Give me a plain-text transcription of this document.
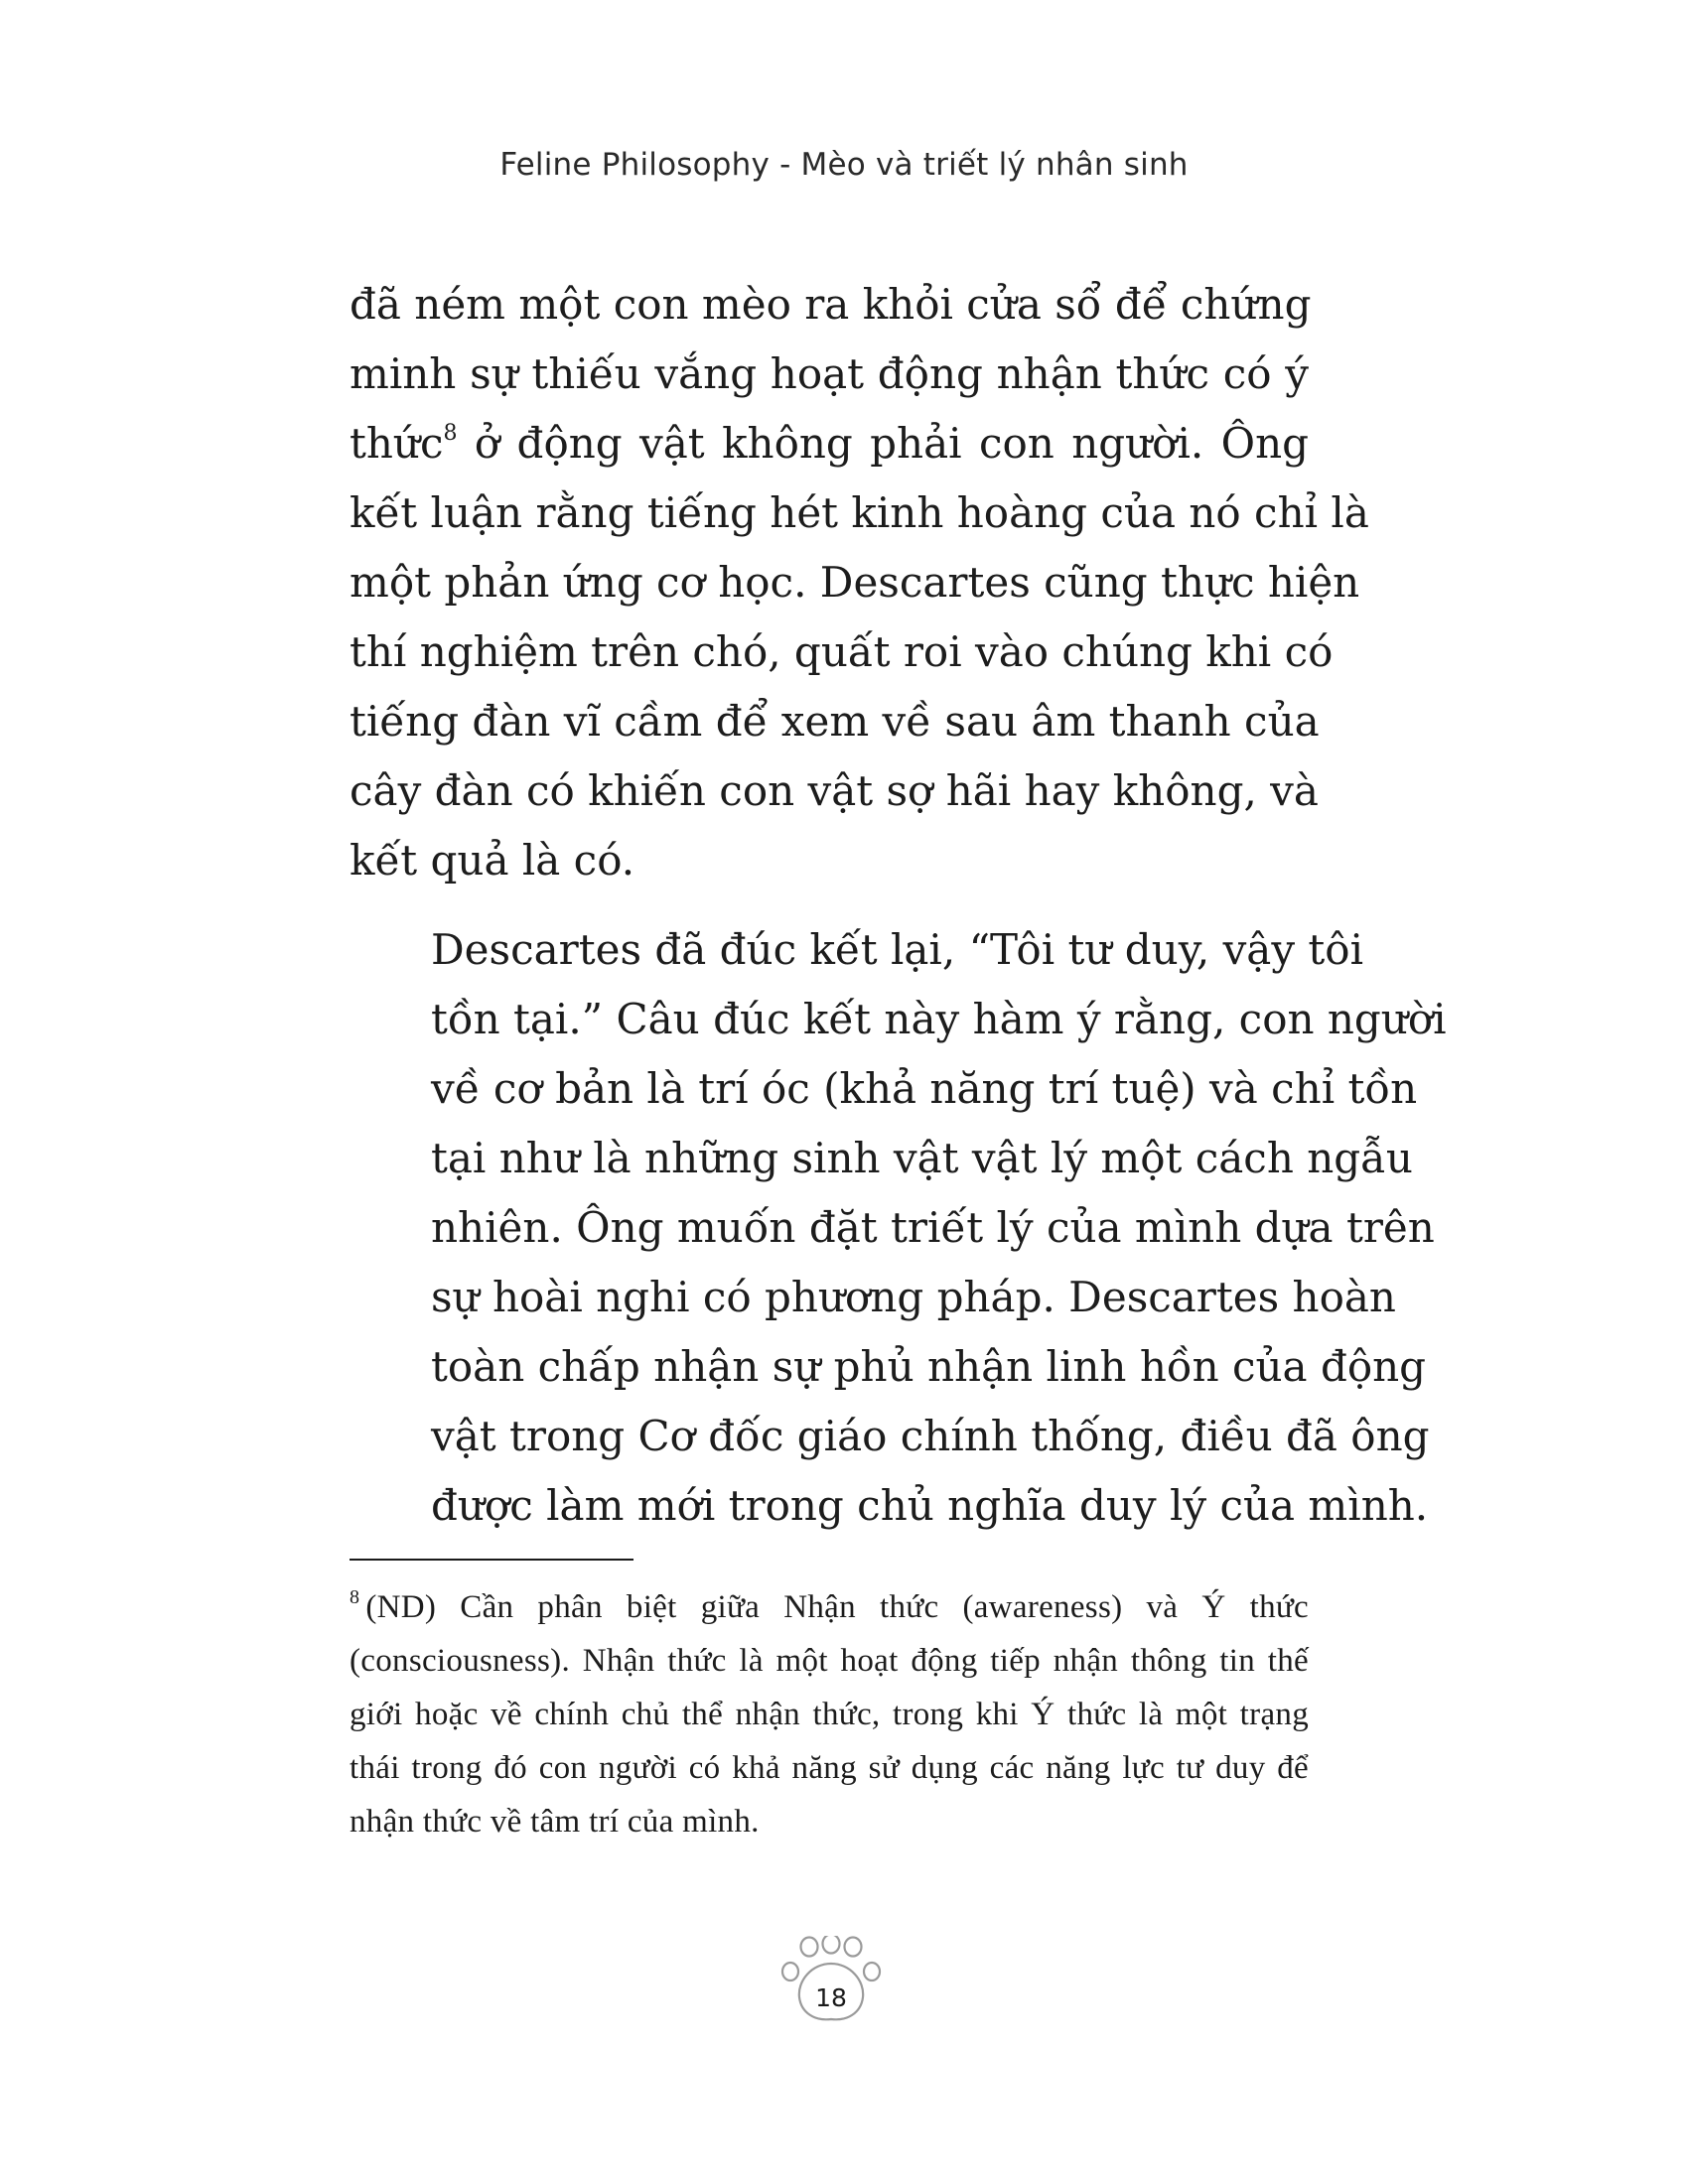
Feline Philosophy - Mèo và triết lý nhân sinh

đã ném một con mèo ra khỏi cửa sổ để chứng
minh sự thiếu vắng hoạt động nhận thức có ý
thức$^8$ ở động vật không phải con người. Ông
kết luận rằng tiếng hét kinh hoàng của nó chỉ là
một phản ứng cơ học. Descartes cũng thực hiện
thí nghiệm trên chó, quất roi vào chúng khi có
tiếng đàn vĩ cầm để xem về sau âm thanh của
cây đàn có khiến con vật sợ hãi hay không, và
kết quả là có.

Descartes đã đúc kết lại, “Tôi tư duy, vậy tôi
tồn tại.” Câu đúc kết này hàm ý rằng, con người
về cơ bản là trí óc (khả năng trí tuệ) và chỉ tồn
tại như là những sinh vật vật lý một cách ngẫu
nhiên. Ông muốn đặt triết lý của mình dựa trên
sự hoài nghi có phương pháp. Descartes hoàn
toàn chấp nhận sự phủ nhận linh hồn của động
vật trong Cơ đốc giáo chính thống, điều đã ông
được làm mới trong chủ nghĩa duy lý của mình.

$^8$ (ND) Cần phân biệt giữa Nhận thức (awareness) và Ý thức (consciousness). Nhận thức là một hoạt động tiếp nhận thông tin thế giới hoặc về chính chủ thể nhận thức, trong khi Ý thức là một trạng thái trong đó con người có khả năng sử dụng các năng lực tư duy để nhận thức về tâm trí của mình.
18
